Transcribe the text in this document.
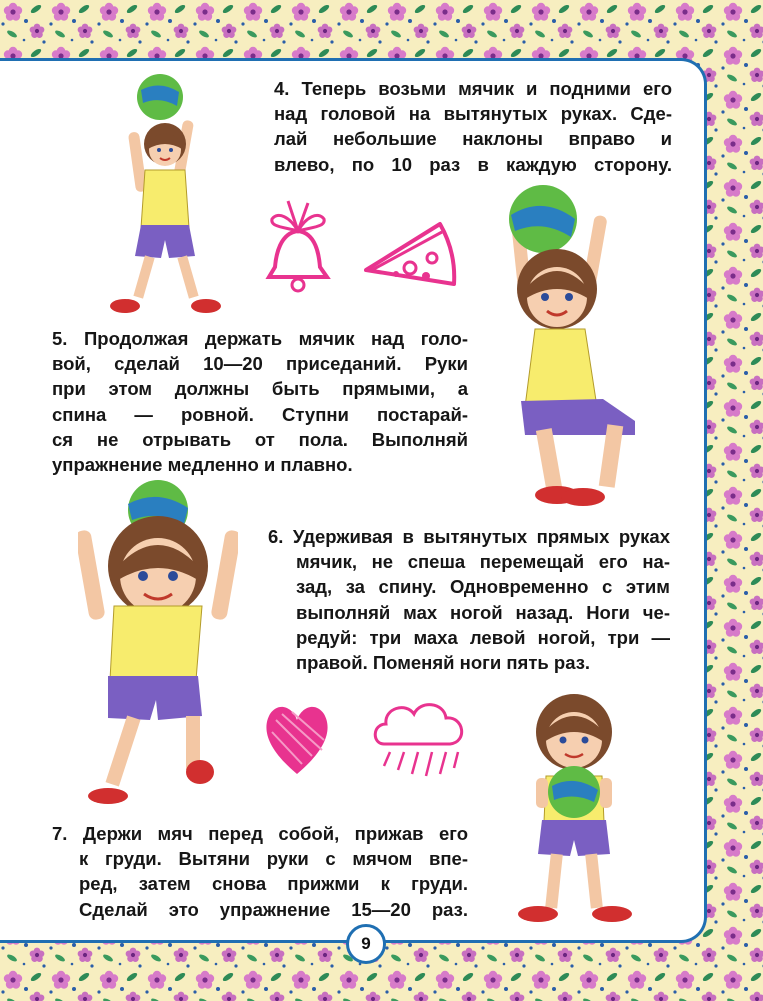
4. Теперь возьми мячик и подними его
над головой на вытянутых руках. Сде-
лай небольшие наклоны вправо и
влево, по 10 раз в каждую сторону.
5. Продолжая держать мячик над голо-
вой, сделай 10—20 приседаний. Руки
при этом должны быть прямыми, а
спина — ровной. Ступни постарай-
ся не отрывать от пола. Выполняй
упражнение медленно и плавно.
6. Удерживая в вытянутых прямых руках
мячик, не спеша перемещай его на-
зад, за спину. Одновременно с этим
выполняй мах ногой назад. Ноги че-
редуй: три маха левой ногой, три —
правой. Поменяй ноги пять раз.
7. Держи мяч перед собой, прижав его
к груди. Вытяни руки с мячом впе-
ред, затем снова прижми к груди.
Сделай это упражнение 15—20 раз.
9
